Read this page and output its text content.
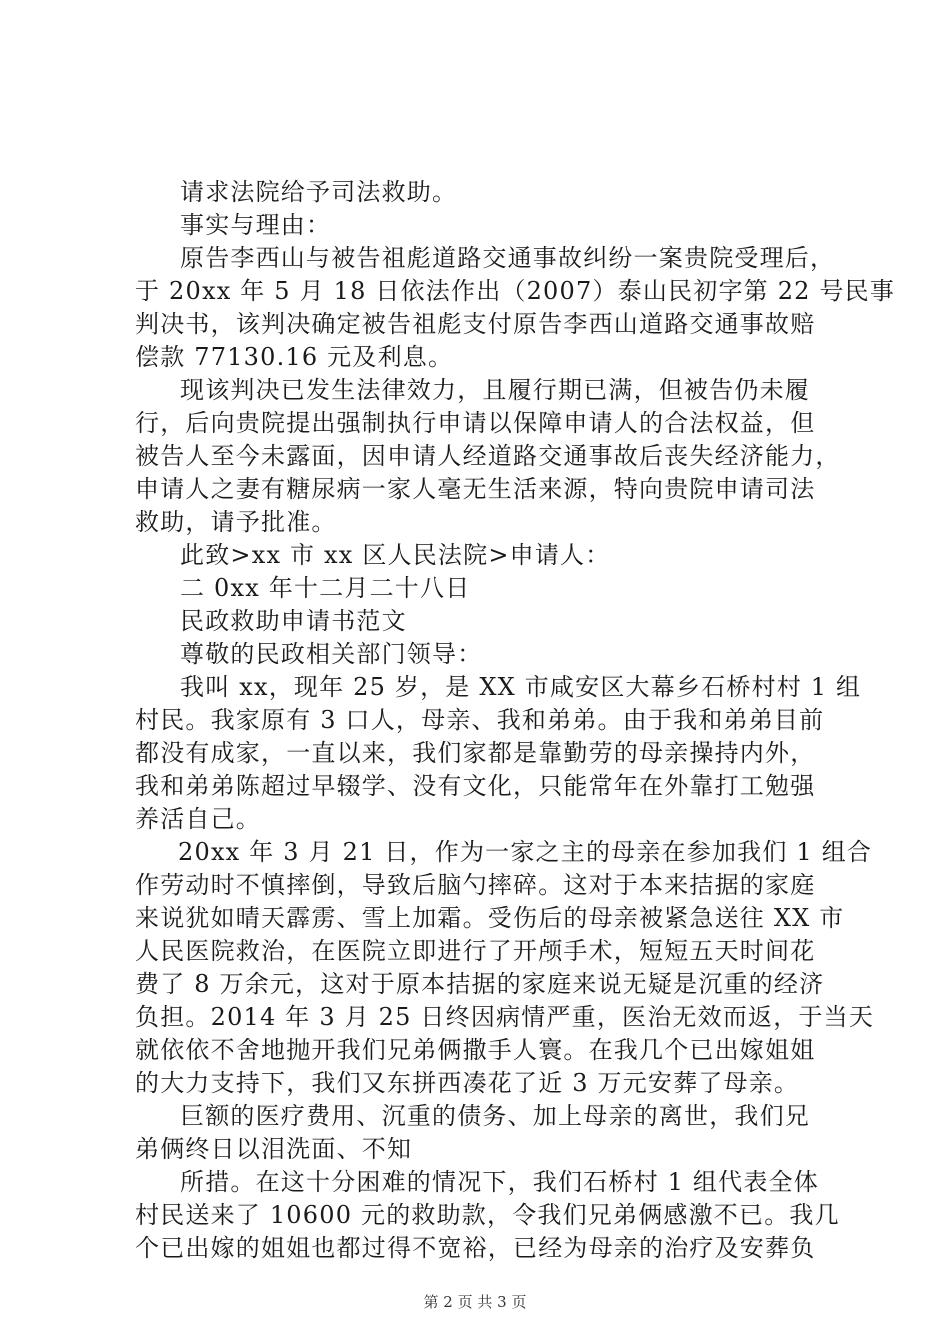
请求法院给予司法救助。
事实与理由：
原告李西山与被告祖彪道路交通事故纠纷一案贵院受理后，
于 20xx 年 5 月 18 日依法作出（2007）泰山民初字第 22 号民事
判决书，该判决确定被告祖彪支付原告李西山道路交通事故赔
偿款 77130.16 元及利息。
现该判决已发生法律效力，且履行期已满，但被告仍未履
行，后向贵院提出强制执行申请以保障申请人的合法权益，但
被告人至今未露面，因申请人经道路交通事故后丧失经济能力，
申请人之妻有糖尿病一家人毫无生活来源，特向贵院申请司法
救助，请予批准。
此致>xx 市 xx 区人民法院>申请人：
二 0xx 年十二月二十八日
民政救助申请书范文
尊敬的民政相关部门领导：
我叫 xx，现年 25 岁，是 XX 市咸安区大幕乡石桥村村 1 组
村民。我家原有 3 口人，母亲、我和弟弟。由于我和弟弟目前
都没有成家，一直以来，我们家都是靠勤劳的母亲操持内外，
我和弟弟陈超过早辍学、没有文化，只能常年在外靠打工勉强
养活自己。
20xx 年 3 月 21 日，作为一家之主的母亲在参加我们 1 组合
作劳动时不慎摔倒，导致后脑勺摔碎。这对于本来拮据的家庭
来说犹如晴天霹雳、雪上加霜。受伤后的母亲被紧急送往 XX 市
人民医院救治，在医院立即进行了开颅手术，短短五天时间花
费了 8 万余元，这对于原本拮据的家庭来说无疑是沉重的经济
负担。2014 年 3 月 25 日终因病情严重，医治无效而返，于当天
就依依不舍地抛开我们兄弟俩撒手人寰。在我几个已出嫁姐姐
的大力支持下，我们又东拼西凑花了近 3 万元安葬了母亲。
巨额的医疗费用、沉重的债务、加上母亲的离世，我们兄
弟俩终日以泪洗面、不知
所措。在这十分困难的情况下，我们石桥村 1 组代表全体
村民送来了 10600 元的救助款，令我们兄弟俩感激不已。我几
个已出嫁的姐姐也都过得不宽裕，已经为母亲的治疗及安葬负
第 2 页 共 3 页
